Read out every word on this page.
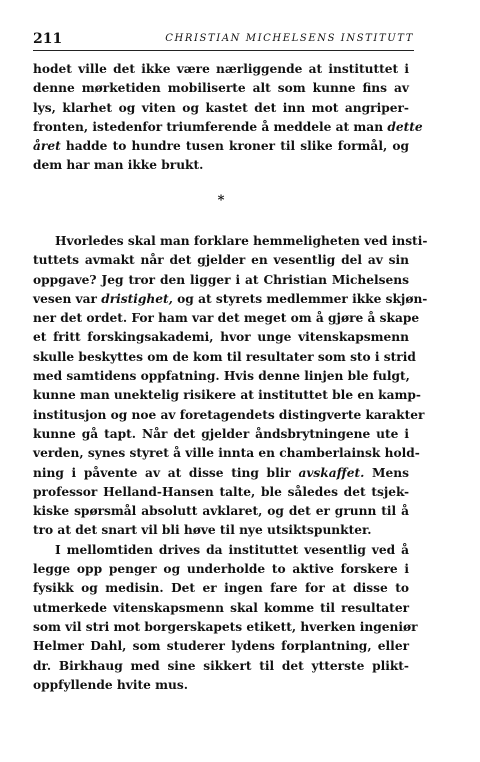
211	CHRISTIAN MICHELSENS INSTITUTT
hodet ville det ikke være nærliggende at instituttet i
denne mørketiden mobiliserte alt som kunne fins av
lys, klarhet og viten og kastet det inn mot angriper-
fronten, istedenfor triumferende å meddele at man dette
året hadde to hundre tusen kroner til slike formål, og
dem har man ikke brukt.
*
Hvorledes skal man forklare hemmeligheten ved insti-
tuttets avmakt når det gjelder en vesentlig del av sin
oppgave? Jeg tror den ligger i at Christian Michelsens
vesen var dristighet, og at styrets medlemmer ikke skjøn-
ner det ordet. For ham var det meget om å gjøre å skape
et fritt forskingsakademi, hvor unge vitenskapsmenn
skulle beskyttes om de kom til resultater som sto i strid
med samtidens oppfatning. Hvis denne linjen ble fulgt,
kunne man unektelig risikere at instituttet ble en kamp-
institusjon og noe av foretagendets distingverte karakter
kunne gå tapt. Når det gjelder åndsbrytningene ute i
verden, synes styret å ville innta en chamberlainsk hold-
ning i påvente av at disse ting blir avskaffet. Mens
professor Helland-Hansen talte, ble således det tsjek-
kiske spørsmål absolutt avklaret, og det er grunn til å
tro at det snart vil bli høve til nye utsiktspunkter.
I mellomtiden drives da instituttet vesentlig ved å
legge opp penger og underholde to aktive forskere i
fysikk og medisin. Det er ingen fare for at disse to
utmerkede vitenskapsmenn skal komme til resultater
som vil stri mot borgerskapets etikett, hverken ingeniør
Helmer Dahl, som studerer lydens forplantning, eller
dr. Birkhaug med sine sikkert til det ytterste plikt-
oppfyllende hvite mus.
